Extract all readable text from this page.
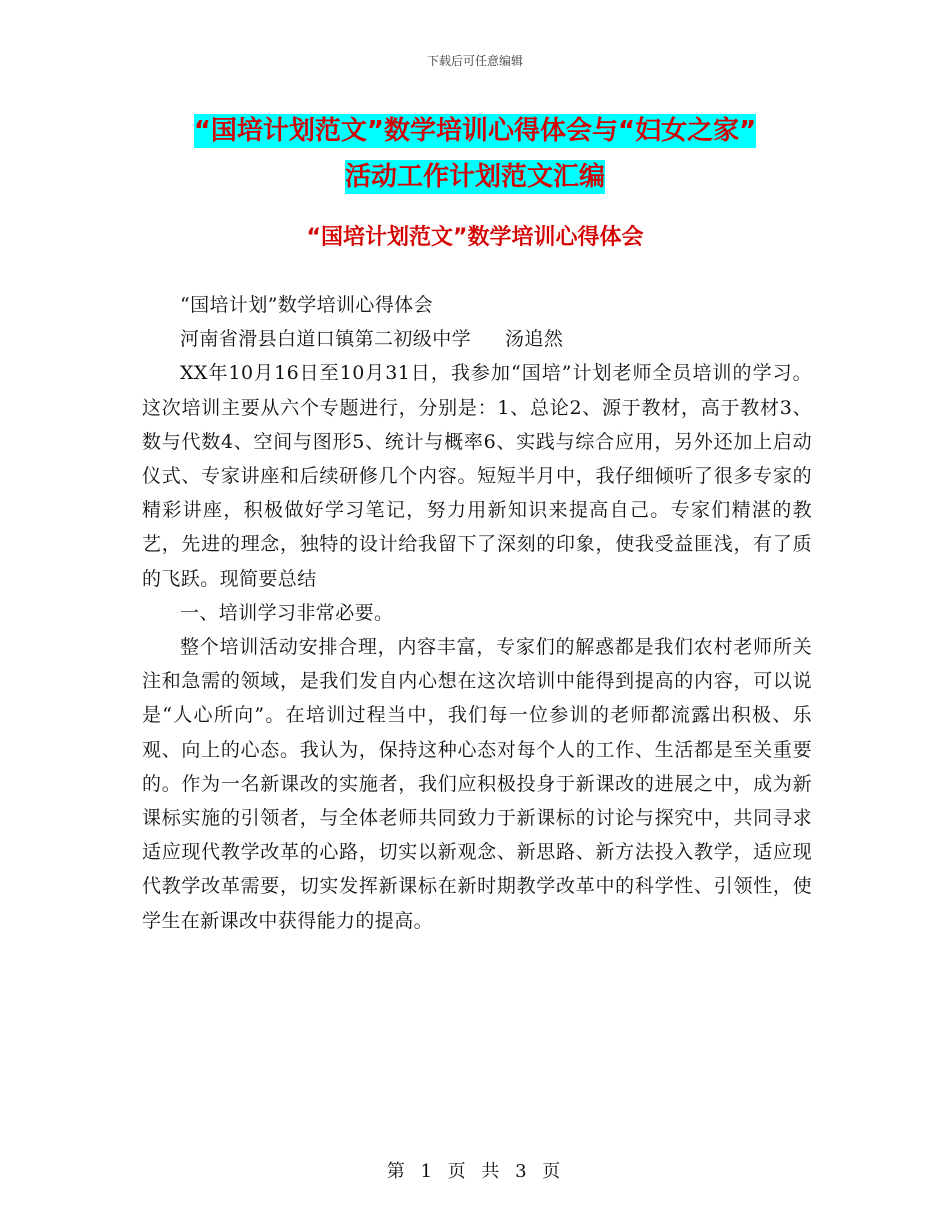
下载后可任意编辑
“国培计划范文”数学培训心得体会与“妇女之家”
活动工作计划范文汇编
“国培计划范文”数学培训心得体会

“国培计划”数学培训心得体会

河南省滑县白道口镇第二初级中学 汤追然

XX年10月16日至10月31日，我参加“国培”计划老师全员培训的学习。这次培训主要从六个专题进行，分别是：1、总论2、源于教材，高于教材3、数与代数4、空间与图形5、统计与概率6、实践与综合应用，另外还加上启动仪式、专家讲座和后续研修几个内容。短短半月中，我仔细倾听了很多专家的精彩讲座，积极做好学习笔记，努力用新知识来提高自己。专家们精湛的教艺，先进的理念，独特的设计给我留下了深刻的印象，使我受益匪浅，有了质的飞跃。现简要总结

一、培训学习非常必要。

整个培训活动安排合理，内容丰富，专家们的解惑都是我们农村老师所关注和急需的领域，是我们发自内心想在这次培训中能得到提高的内容，可以说是“人心所向”。在培训过程当中，我们每一位参训的老师都流露出积极、乐观、向上的心态。我认为，保持这种心态对每个人的工作、生活都是至关重要的。作为一名新课改的实施者，我们应积极投身于新课改的进展之中，成为新课标实施的引领者，与全体老师共同致力于新课标的讨论与探究中，共同寻求适应现代教学改革的心路，切实以新观念、新思路、新方法投入教学，适应现代教学改革需要，切实发挥新课标在新时期教学改革中的科学性、引领性，使学生在新课改中获得能力的提高。

第 1 页 共 3 页
